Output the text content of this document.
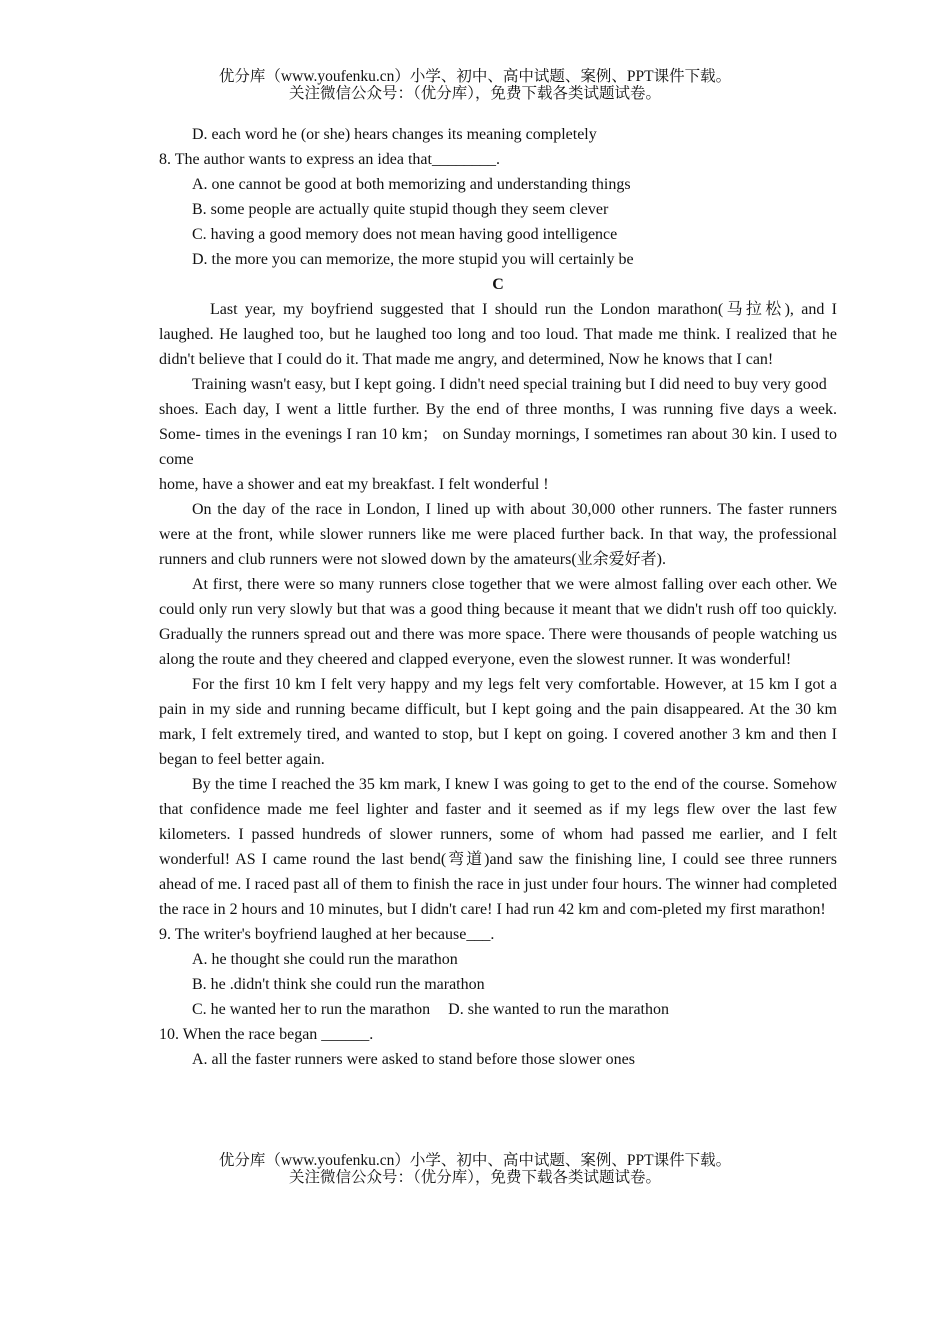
优分库（www.youfenku.cn）小学、初中、高中试题、案例、PPT课件下载。
关注微信公众号：（优分库），免费下载各类试题试卷。
D. each word he (or she) hears changes its meaning completely
8. The author wants to express an idea that________.
A. one cannot be good at both memorizing and understanding things
B. some people are actually quite stupid though they seem clever
C. having a good memory does not mean having good intelligence
D. the more you can memorize, the more stupid you will certainly be
C
Last year, my boyfriend suggested that I should run the London marathon(马拉松), and I laughed. He laughed too, but he laughed too long and too loud. That made me think. I realized that he didn't believe that I could do it. That made me angry, and determined, Now he knows that I can!
Training wasn't easy, but I kept going. I didn't need special training but I did need to buy very good
shoes. Each day, I went a little further. By the end of three months, I was running five days a week. Some- times in the evenings I ran 10 km； on Sunday mornings, I sometimes ran about 30 kin. I used to come
home, have a shower and eat my breakfast. I felt wonderful !
On the day of the race in London, I lined up with about 30,000 other runners. The faster runners were at the front, while slower runners like me were placed further back. In that way, the professional runners and club runners were not slowed down by the amateurs(业余爱好者).
At first, there were so many runners close together that we were almost falling over each other. We could only run very slowly but that was a good thing because it meant that we didn't rush off too quickly. Gradually the runners spread out and there was more space. There were thousands of people watching us along the route and they cheered and clapped everyone, even the slowest runner. It was wonderful!
For the first 10 km I felt very happy and my legs felt very comfortable. However, at 15 km I got a pain in my side and running became difficult, but I kept going and the pain disappeared. At the 30 km mark, I felt extremely tired, and wanted to stop, but I kept on going. I covered another 3 km and then I began to feel better again.
By the time I reached the 35 km mark, I knew I was going to get to the end of the course. Somehow that confidence made me feel lighter and faster and it seemed as if my legs flew over the last few kilometers. I passed hundreds of slower runners, some of whom had passed me earlier, and I felt wonderful! AS I came round the last bend(弯道)and saw the finishing line, I could see three runners ahead of me. I raced past all of them to finish the race in just under four hours. The winner had completed the race in 2 hours and 10 minutes, but I didn't care! I had run 42 km and com-pleted my first marathon!
9. The writer's boyfriend laughed at her because___.
A. he thought she could run the marathon
B. he .didn't think she could run the marathon
C. he wanted her to run the marathon D. she wanted to run the marathon
10. When the race began ______.
A. all the faster runners were asked to stand before those slower ones
优分库（www.youfenku.cn）小学、初中、高中试题、案例、PPT课件下载。
关注微信公众号：（优分库），免费下载各类试题试卷。
